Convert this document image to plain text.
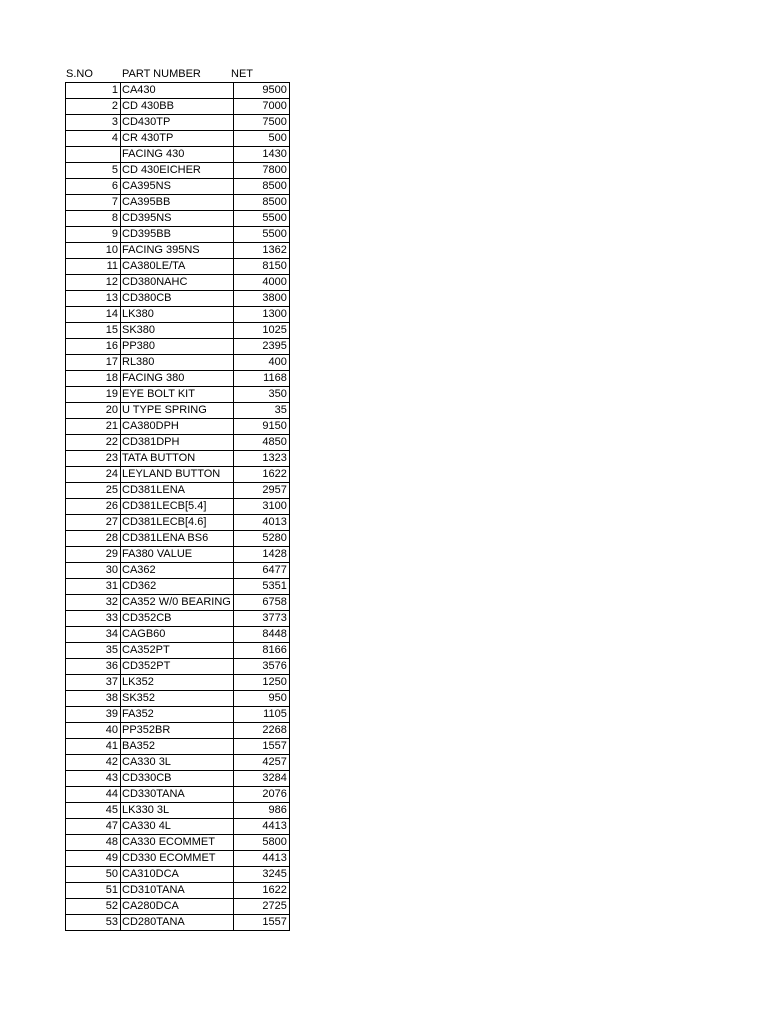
S.NO	PART NUMBER	NET
1	CA430	9500
2	CD 430BB	7000
3	CD430TP	7500
4	CR 430TP	500
	FACING 430	1430
5	CD 430EICHER	7800
6	CA395NS	8500
7	CA395BB	8500
8	CD395NS	5500
9	CD395BB	5500
10	FACING 395NS	1362
11	CA380LE/TA	8150
12	CD380NAHC	4000
13	CD380CB	3800
14	LK380	1300
15	SK380	1025
16	PP380	2395
17	RL380	400
18	FACING 380	1168
19	EYE BOLT KIT	350
20	U TYPE SPRING	35
21	CA380DPH	9150
22	CD381DPH	4850
23	TATA BUTTON	1323
24	LEYLAND BUTTON	1622
25	CD381LENA	2957
26	CD381LECB[5.4]	3100
27	CD381LECB[4.6]	4013
28	CD381LENA BS6	5280
29	FA380 VALUE	1428
30	CA362	6477
31	CD362	5351
32	CA352 W/0 BEARING	6758
33	CD352CB	3773
34	CAGB60	8448
35	CA352PT	8166
36	CD352PT	3576
37	LK352	1250
38	SK352	950
39	FA352	1105
40	PP352BR	2268
41	BA352	1557
42	CA330 3L	4257
43	CD330CB	3284
44	CD330TANA	2076
45	LK330 3L	986
47	CA330 4L	4413
48	CA330 ECOMMET	5800
49	CD330 ECOMMET	4413
50	CA310DCA	3245
51	CD310TANA	1622
52	CA280DCA	2725
53	CD280TANA	1557
